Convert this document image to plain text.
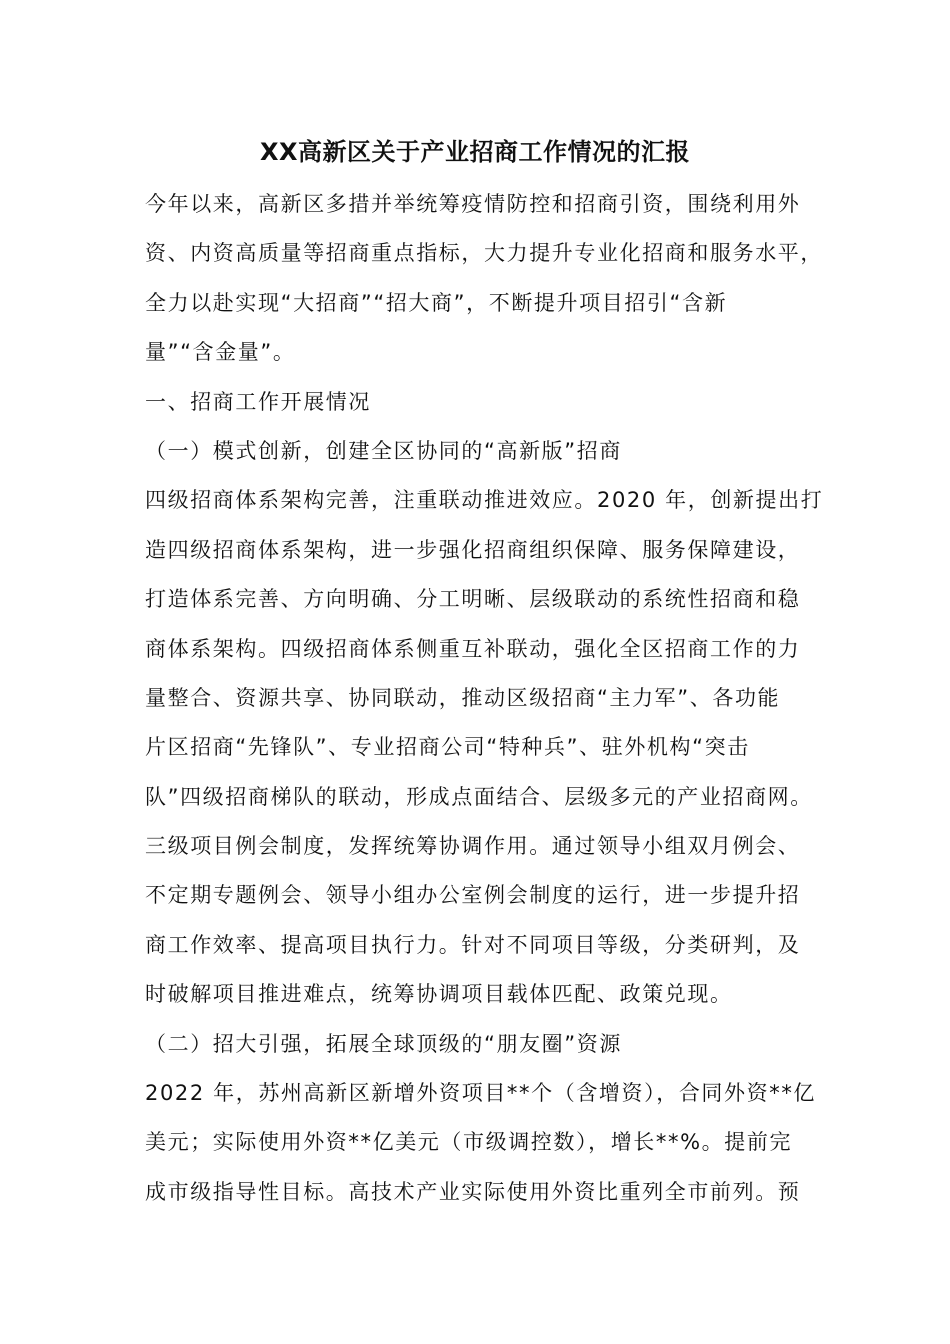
XX高新区关于产业招商工作情况的汇报
今年以来，高新区多措并举统筹疫情防控和招商引资，围绕利用外
资、内资高质量等招商重点指标，大力提升专业化招商和服务水平，
全力以赴实现“大招商”“招大商”，不断提升项目招引“含新
量”“含金量”。
一、招商工作开展情况
（一）模式创新，创建全区协同的“高新版”招商
四级招商体系架构完善，注重联动推进效应。2020 年，创新提出打
造四级招商体系架构，进一步强化招商组织保障、服务保障建设，
打造体系完善、方向明确、分工明晰、层级联动的系统性招商和稳
商体系架构。四级招商体系侧重互补联动，强化全区招商工作的力
量整合、资源共享、协同联动，推动区级招商“主力军”、各功能
片区招商“先锋队”、专业招商公司“特种兵”、驻外机构“突击
队”四级招商梯队的联动，形成点面结合、层级多元的产业招商网。
三级项目例会制度，发挥统筹协调作用。通过领导小组双月例会、
不定期专题例会、领导小组办公室例会制度的运行，进一步提升招
商工作效率、提高项目执行力。针对不同项目等级，分类研判，及
时破解项目推进难点，统筹协调项目载体匹配、政策兑现。
（二）招大引强，拓展全球顶级的“朋友圈”资源
2022 年，苏州高新区新增外资项目**个（含增资），合同外资**亿
美元；实际使用外资**亿美元（市级调控数），增长**%。提前完
成市级指导性目标。高技术产业实际使用外资比重列全市前列。预
